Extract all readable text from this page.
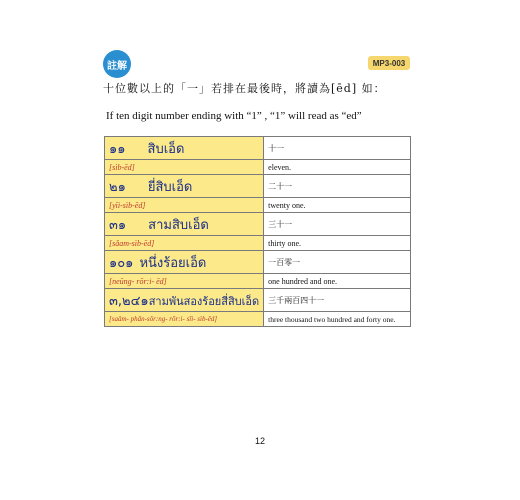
註解	MP3-003
十位數以上的「一」若排在最後時，將讀為[ēd] 如：
If ten digit number ending with “1” , “1” will read as “ed”
๑๑ สิบเอ็ด	十一
[sìb-ēd]	eleven.
๒๑ ยี่สิบเอ็ด	二十一
[yīi-sìb-ēd]	twenty one.
๓๑ สามสิบเอ็ด	三十一
[sǎam-sìb-ēd]	thirty one.
๑๐๑ หนึ่งร้อยเอ็ด	一百零一
[neūng- rōr:i- ēd]	one hundred and one.
๓,๒๔๑สามพันสองร้อยสี่สิบเอ็ด	三千兩百四十一
[saǎm- phān-sǒr:ng- rōr:i- sīi- sìb-ēd]	three thousand two hundred and forty one.
12
